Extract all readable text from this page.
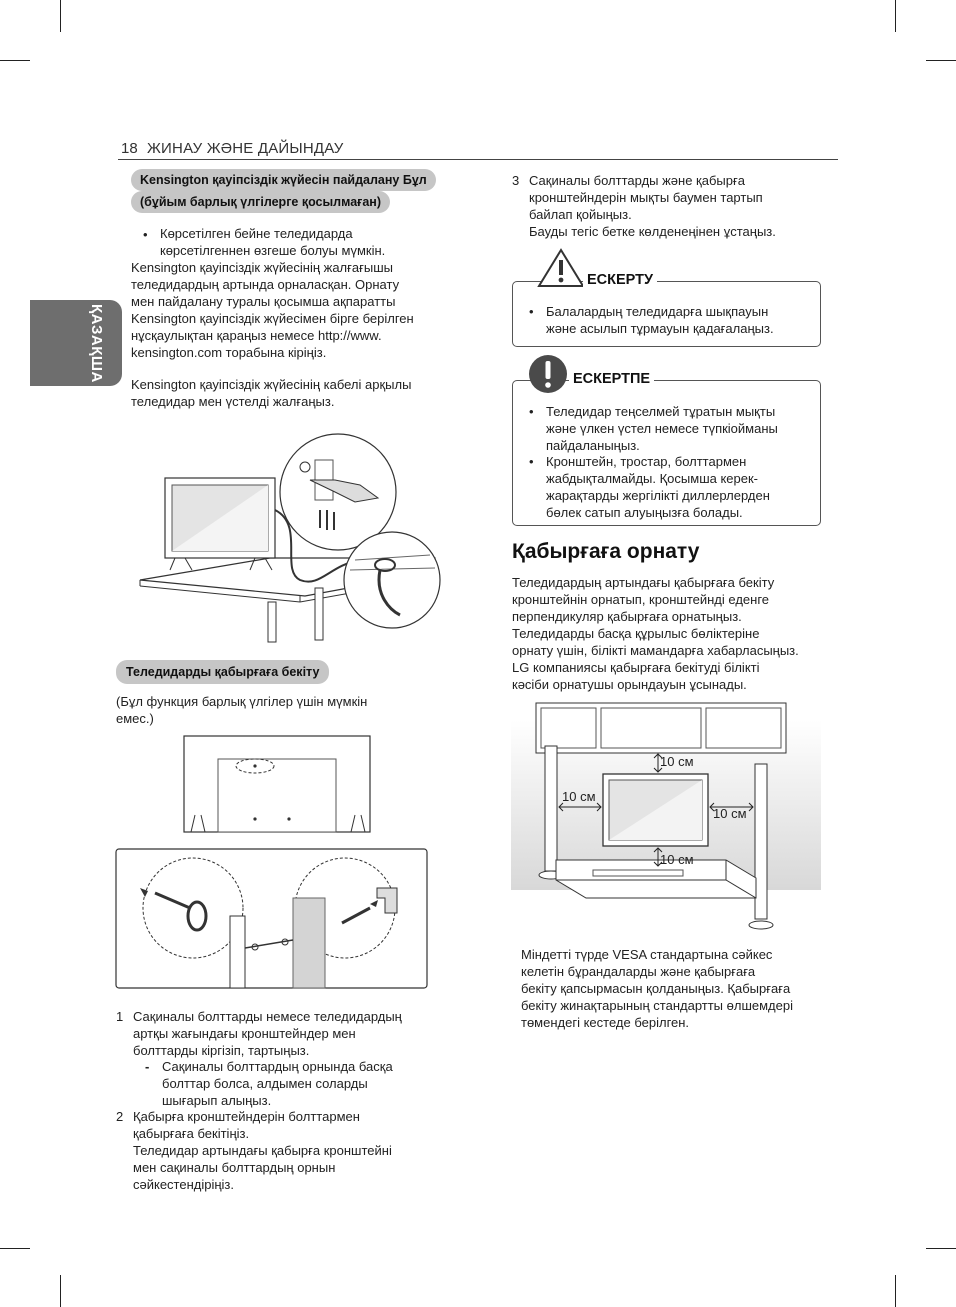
18 ЖИНАУ ЖӘНЕ ДАЙЫНДАУ
ҚАЗАҚША
Kensington қауіпсіздік жүйесін пайдалану Бұл
(бұйым барлық үлгілерге қосылмаған)
• Көрсетілген бейне теледидарда
көрсетілгеннен өзгеше болуы мүмкін.
Kensington қауіпсіздік жүйесінің жалғағышы
теледидардың артында орналасқан. Орнату
мен пайдалану туралы қосымша ақпаратты
Kensington қауіпсіздік жүйесімен бірге берілген
нұсқаулықтан қараңыз немесе http://www.
kensington.com торабына кіріңіз.
Kensington қауіпсіздік жүйесінің кабелі арқылы
теледидар мен үстелді жалғаңыз.
Теледидарды қабырғаға бекіту
(Бұл функция барлық үлгілер үшін мүмкін
емес.)
1 Сақиналы болттарды немесе теледидардың
артқы жағындағы кронштейндер мен
болттарды кіргізіп, тартыңыз.
- Сақиналы болттардың орнында басқа
болттар болса, алдымен соларды
шығарып алыңыз.
2 Қабырға кронштейндерін болттармен
қабырғаға бекітіңіз.
Теледидар артындағы қабырға кронштейні
мен сақиналы болттардың орнын
сәйкестендіріңіз.
3 Сақиналы болттарды және қабырға
кронштейндерін мықты баумен тартып
байлап қойыңыз.
Бауды тегіс бетке көлденеңінен ұстаңыз.
ЕСКЕРТУ
• Балалардың теледидарға шықпауын
және асылып тұрмауын қадағалаңыз.
ЕСКЕРТПЕ
• Теледидар теңселмей тұратын мықты
және үлкен үстел немесе түпкіойманы
пайдаланыңыз.
• Кронштейн, тростар, болттармен
жабдықталмайды. Қосымша керек-
жарақтарды жергілікті диллерлерден
бөлек сатып алуыңызға болады.
Қабырғаға орнату
Теледидардың артындағы қабырғаға бекіту
кронштейнін орнатып, кронштейнді еденге
перпендикуляр қабырғаға орнатыңыз.
Теледидарды басқа құрылыс бөліктеріне
орнату үшін, білікті мамандарға хабарласыңыз.
LG компаниясы қабырғаға бекітуді білікті
кәсіби орнатушы орындауын ұсынады.
10 см
10 см
10 см
10 см
Міндетті түрде VESA стандартына сәйкес
келетін бұрандаларды және қабырғаға
бекіту қапсырмасын қолданыңыз. Қабырғаға
бекіту жинақтарының стандартты өлшемдері
төмендегі кестеде берілген.
